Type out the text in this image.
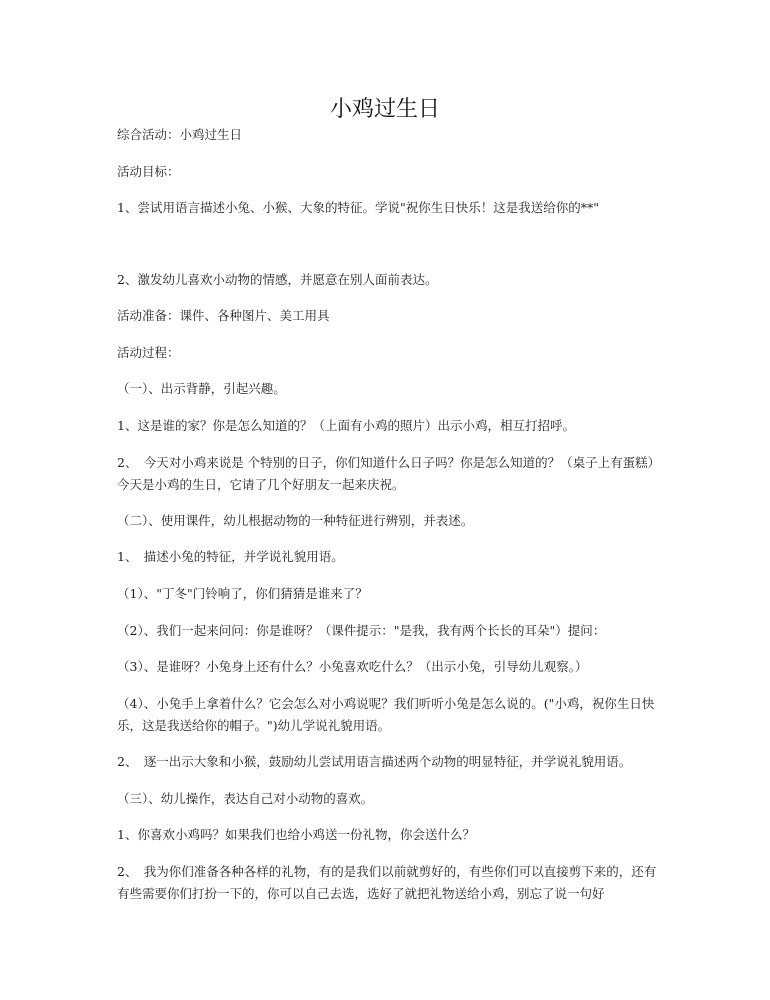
小鸡过生日
综合活动：小鸡过生日
活动目标：
1、尝试用语言描述小兔、小猴、大象的特征。学说"祝你生日快乐！这是我送给你的**"
2、激发幼儿喜欢小动物的情感，并愿意在别人面前表达。
活动准备：课件、各种图片、美工用具
活动过程：
（一）、出示背静，引起兴趣。
1、这是谁的家？你是怎么知道的？（上面有小鸡的照片）出示小鸡，相互打招呼。
2、　今天对小鸡来说是 个特别的日子，你们知道什么日子吗？你是怎么知道的？（桌子上有蛋糕）今天是小鸡的生日，它请了几个好朋友一起来庆祝。
（二）、使用课件，幼儿根据动物的一种特征进行辨别，并表述。
1、　描述小兔的特征，并学说礼貌用语。
（1）、"丁冬"门铃响了，你们猜猜是谁来了？
（2）、我们一起来问问：你是谁呀？（课件提示："是我，我有两个长长的耳朵"）提问：
（3）、是谁呀？小兔身上还有什么？小兔喜欢吃什么？（出示小兔，引导幼儿观察。）
（4）、小兔手上拿着什么？它会怎么对小鸡说呢？我们听听小兔是怎么说的。("小鸡，祝你生日快乐，这是我送给你的帽子。")幼儿学说礼貌用语。
2、　逐一出示大象和小猴，鼓励幼儿尝试用语言描述两个动物的明显特征，并学说礼貌用语。
（三）、幼儿操作，表达自己对小动物的喜欢。
1、你喜欢小鸡吗？如果我们也给小鸡送一份礼物，你会送什么？
2、　我为你们准备各种各样的礼物，有的是我们以前就剪好的，有些你们可以直接剪下来的，还有有些需要你们打扮一下的，你可以自己去选，选好了就把礼物送给小鸡，别忘了说一句好
